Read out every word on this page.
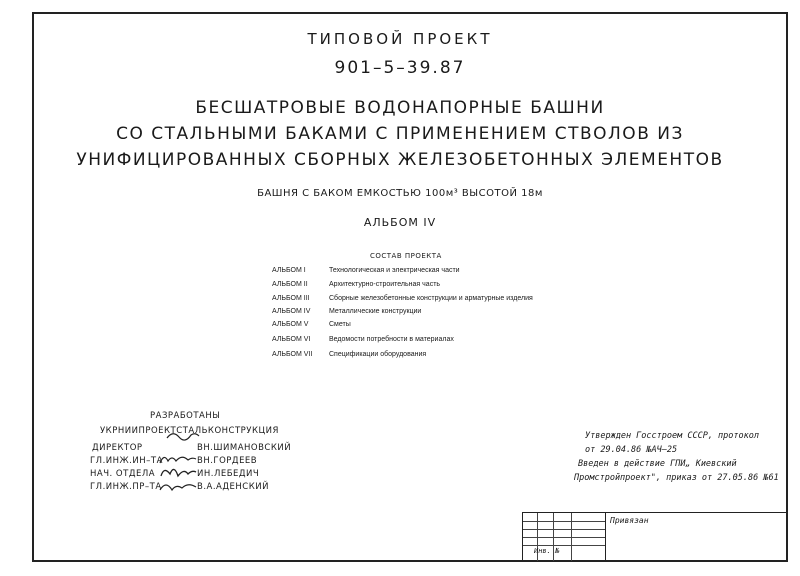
ТИПОВОЙ ПРОЕКТ
901–5–39.87
БЕСШАТРОВЫЕ ВОДОНАПОРНЫЕ БАШНИ
СО СТАЛЬНЫМИ БАКАМИ С ПРИМЕНЕНИЕМ СТВОЛОВ ИЗ
УНИФИЦИРОВАННЫХ СБОРНЫХ ЖЕЛЕЗОБЕТОННЫХ ЭЛЕМЕНТОВ
БАШНЯ С БАКОМ ЕМКОСТЬЮ 100м³ ВЫСОТОЙ 18м
АЛЬБОМ IV
СОСТАВ ПРОЕКТА
АЛЬБОМ I	Технологическая и электрическая части
АЛЬБОМ II	Архитектурно-строительная часть
АЛЬБОМ III	Сборные железобетонные конструкции и арматурные изделия
АЛЬБОМ IV	Металлические конструкции
АЛЬБОМ V	Сметы
АЛЬБОМ VI	Ведомости потребности в материалах
АЛЬБОМ VII Спецификации оборудования
РАЗРАБОТАНЫ
УКРНИИПРОЕКТСТАЛЬКОНСТРУКЦИЯ
ДИРЕКТОР	ВН.ШИМАНОВСКИЙ
ГЛ.ИНЖ.ИН–ТА	ВН.ГОРДЕЕВ
НАЧ. ОТДЕЛА	ИН.ЛЕБЕДИЧ
ГЛ.ИНЖ.ПР–ТА	В.А.АДЕНСКИЙ
Утвержден Госстроем СССР, протокол
от 29.04.86 №АЧ–25
Введен в действие ГПИ„ Киевский
Промстройпроект", приказ от 27.05.86 №61
Привязан
Инв. №
